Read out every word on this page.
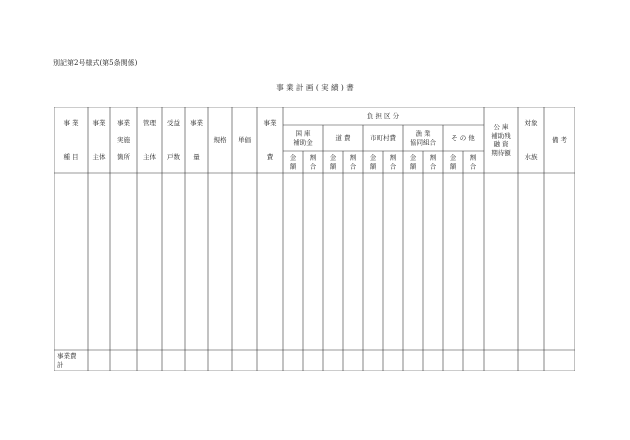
別記第2号様式(第5条関係)
事 業 計 画 ( 実 績 ) 書
事 業
種 目
事業
主体
事業
実施
箇所
管理
主体
受益
戸数
事業
量
規格 単価
事業
費
負 担 区 分
国 庫
補助金
道 費	市町村費
漁 業
協同組合
そ の 他
金
額
割
合
金
額
割
合
金
額
割
合
金
額
割
合
金
額
割
合
公 庫
補助残
融 資
期待額
対象
水族
備 考
事業費
計
